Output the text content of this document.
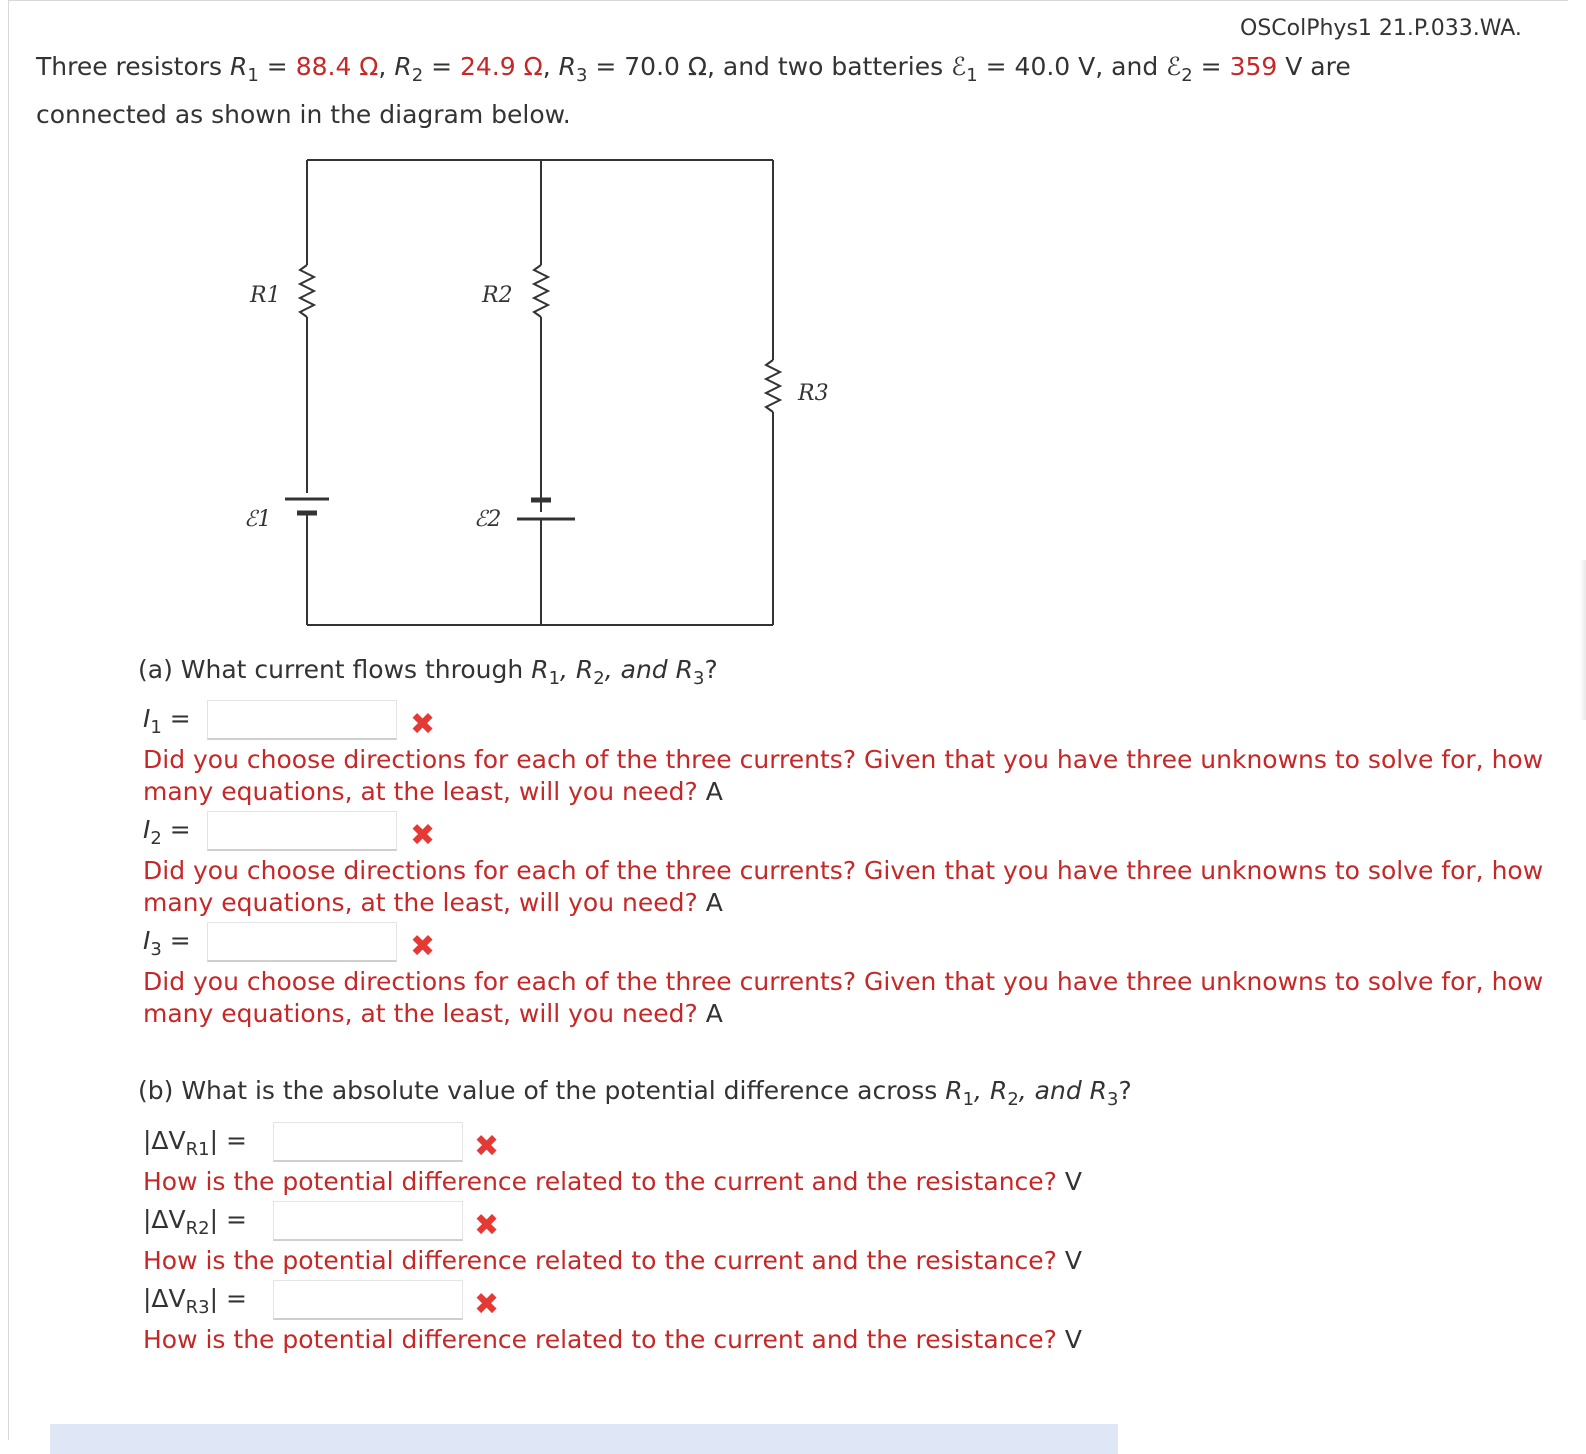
OSColPhys1 21.P.033.WA.
Three resistors $R_1 = 88.4$ Ω, $R_2 = 24.9$ Ω, $R_3 = 70.0$ Ω, and two batteries ℰ$_1$ = 40.0 V, and ℰ$_2$ = 359 V are
connected as shown in the diagram below.
R1	R2
R3
ℰ1	ℰ2
(a) What current flows through $R_1$, $R_2$, and $R_3$?
$I_1$ =	✖
Did you choose directions for each of the three currents? Given that you have three unknowns to solve for, how many equations, at the least, will you need? A
$I_2$ =	✖
Did you choose directions for each of the three currents? Given that you have three unknowns to solve for, how many equations, at the least, will you need? A
$I_3$ =	✖
Did you choose directions for each of the three currents? Given that you have three unknowns to solve for, how many equations, at the least, will you need? A
(b) What is the absolute value of the potential difference across $R_1$, $R_2$, and $R_3$?
$|\Delta V_{R1}|$ =	✖
How is the potential difference related to the current and the resistance? V
$|\Delta V_{R2}|$ =	✖
How is the potential difference related to the current and the resistance? V
$|\Delta V_{R3}|$ =	✖
How is the potential difference related to the current and the resistance? V
